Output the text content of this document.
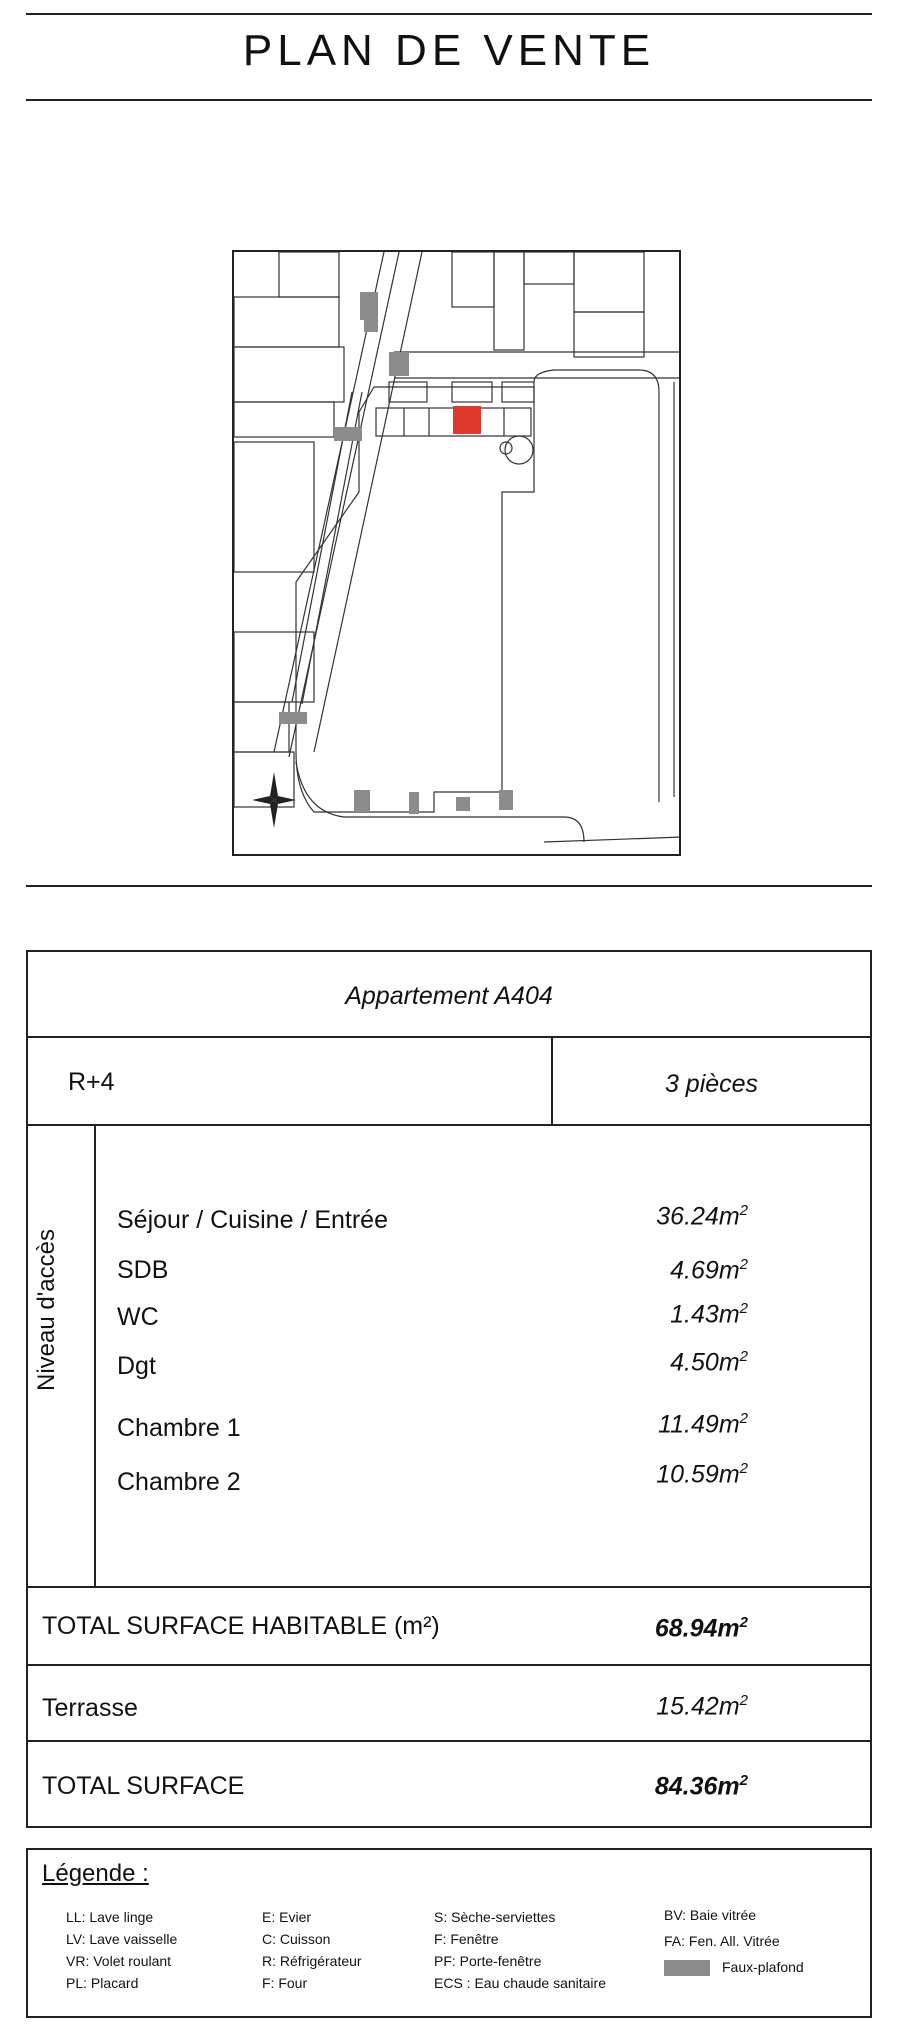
PLAN DE VENTE
Appartement A404
R+4	3 pièces
TOTAL SURFACE HABITABLE (m²)
Terrasse
TOTAL SURFACE
Niveau d'accès
Séjour / Cuisine / Entrée
SDB
WC
Dgt
Chambre 1
Chambre 2
$36.24m^2$
$4.69m^2$
$1.43m^2$
$4.50m^2$
$11.49m^2$
$10.59m^2$
$68.94m^2$
$15.42m^2$
$84.36m^2$
Légende :
LL: Lave linge
LV: Lave vaisselle
VR: Volet roulant
PL: Placard
E: Evier
C: Cuisson
R: Réfrigérateur
F: Four
S: Sèche-serviettes
F: Fenêtre
PF: Porte-fenêtre
ECS : Eau chaude sanitaire
BV: Baie vitrée
FA: Fen. All. Vitrée
Faux-plafond
